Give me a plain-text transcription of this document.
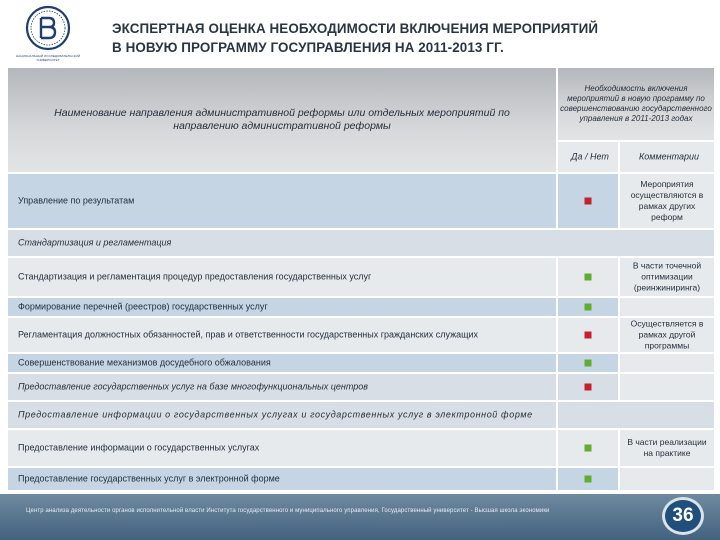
НАЦИОНАЛЬНЫЙ ИССЛЕДОВАТЕЛЬСКИЙ УНИВЕРСИТЕТ
ЭКСПЕРТНАЯ ОЦЕНКА НЕОБХОДИМОСТИ ВКЛЮЧЕНИЯ МЕРОПРИЯТИЙ
В НОВУЮ ПРОГРАММУ ГОСУПРАВЛЕНИЯ НА 2011-2013 ГГ.
Наименование направления административной реформы или отдельных мероприятий по направлению административной реформы
Необходимость включения мероприятий в новую программу по совершенствованию государственного управления в 2011-2013 годах
Да / Нет	Комментарии
Управление по результатам
Мероприятия осуществляются в рамках других реформ
Стандартизация и регламентация
Стандартизация и регламентация процедур предоставления государственных услуг
В части точечной оптимизации (реинжиниринга)
Формирование перечней (реестров) государственных услуг
Регламентация должностных обязанностей, прав и ответственности государственных гражданских служащих
Осуществляется в рамках другой программы
Совершенствование механизмов досудебного обжалования
Предоставление государственных услуг на базе многофункциональных центров
Предоставление информации о государственных услугах и государственных услуг в электронной форме
Предоставление информации о государственных услугах
В части реализации на практике
Предоставление государственных услуг в электронной форме
Центр анализа деятельности органов исполнительной власти Института государственного и муниципального управления, Государственный университет - Высшая школа экономики	36
